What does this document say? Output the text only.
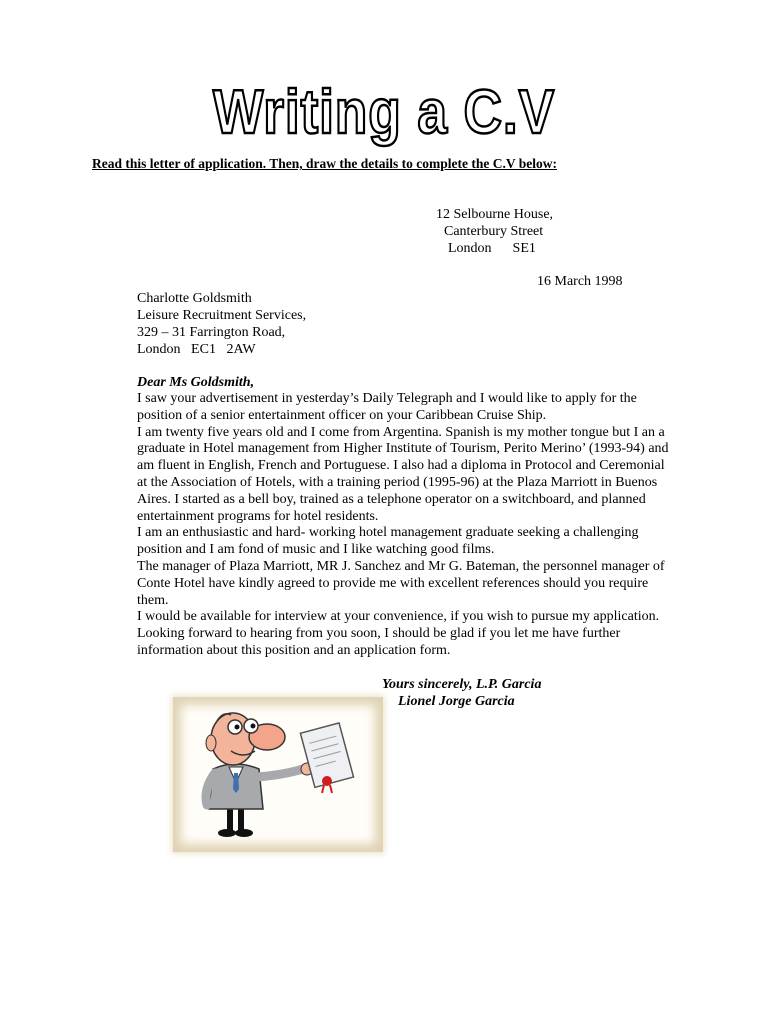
Writing a C.V
Read this letter of application. Then, draw the details to complete the C.V below:
12 Selbourne House,
Canterbury Street
London      SE1
16 March 1998
Charlotte Goldsmith
Leisure Recruitment Services,
329 – 31 Farrington Road,
London   EC1   2AW
Dear Ms Goldsmith,

I saw your advertisement in yesterday’s Daily Telegraph and I would like to apply for the position of a senior entertainment officer on your Caribbean Cruise Ship.

I am twenty five years old and I come from Argentina. Spanish is my mother tongue but I an a graduate in Hotel management from Higher Institute of Tourism, Perito Merino’ (1993-94) and am fluent in English, French and Portuguese. I also had a diploma in Protocol and Ceremonial at the Association of Hotels, with a training period (1995-96) at the Plaza Marriott in Buenos Aires. I started as a bell boy, trained as a telephone operator on a switchboard, and planned entertainment programs for hotel residents.

I am an enthusiastic and hard- working hotel management graduate seeking a challenging position and I am fond of music and I like watching good films.

The manager of Plaza Marriott, MR J. Sanchez and Mr G. Bateman, the personnel manager of Conte Hotel have kindly agreed to provide me with excellent references should you require them.

I would be available for interview at your convenience, if you wish to pursue my application. Looking forward to hearing from you soon, I should be glad if you let me have further information about this position and an application form.

Yours sincerely, L.P. Garcia
Lionel Jorge Garcia
